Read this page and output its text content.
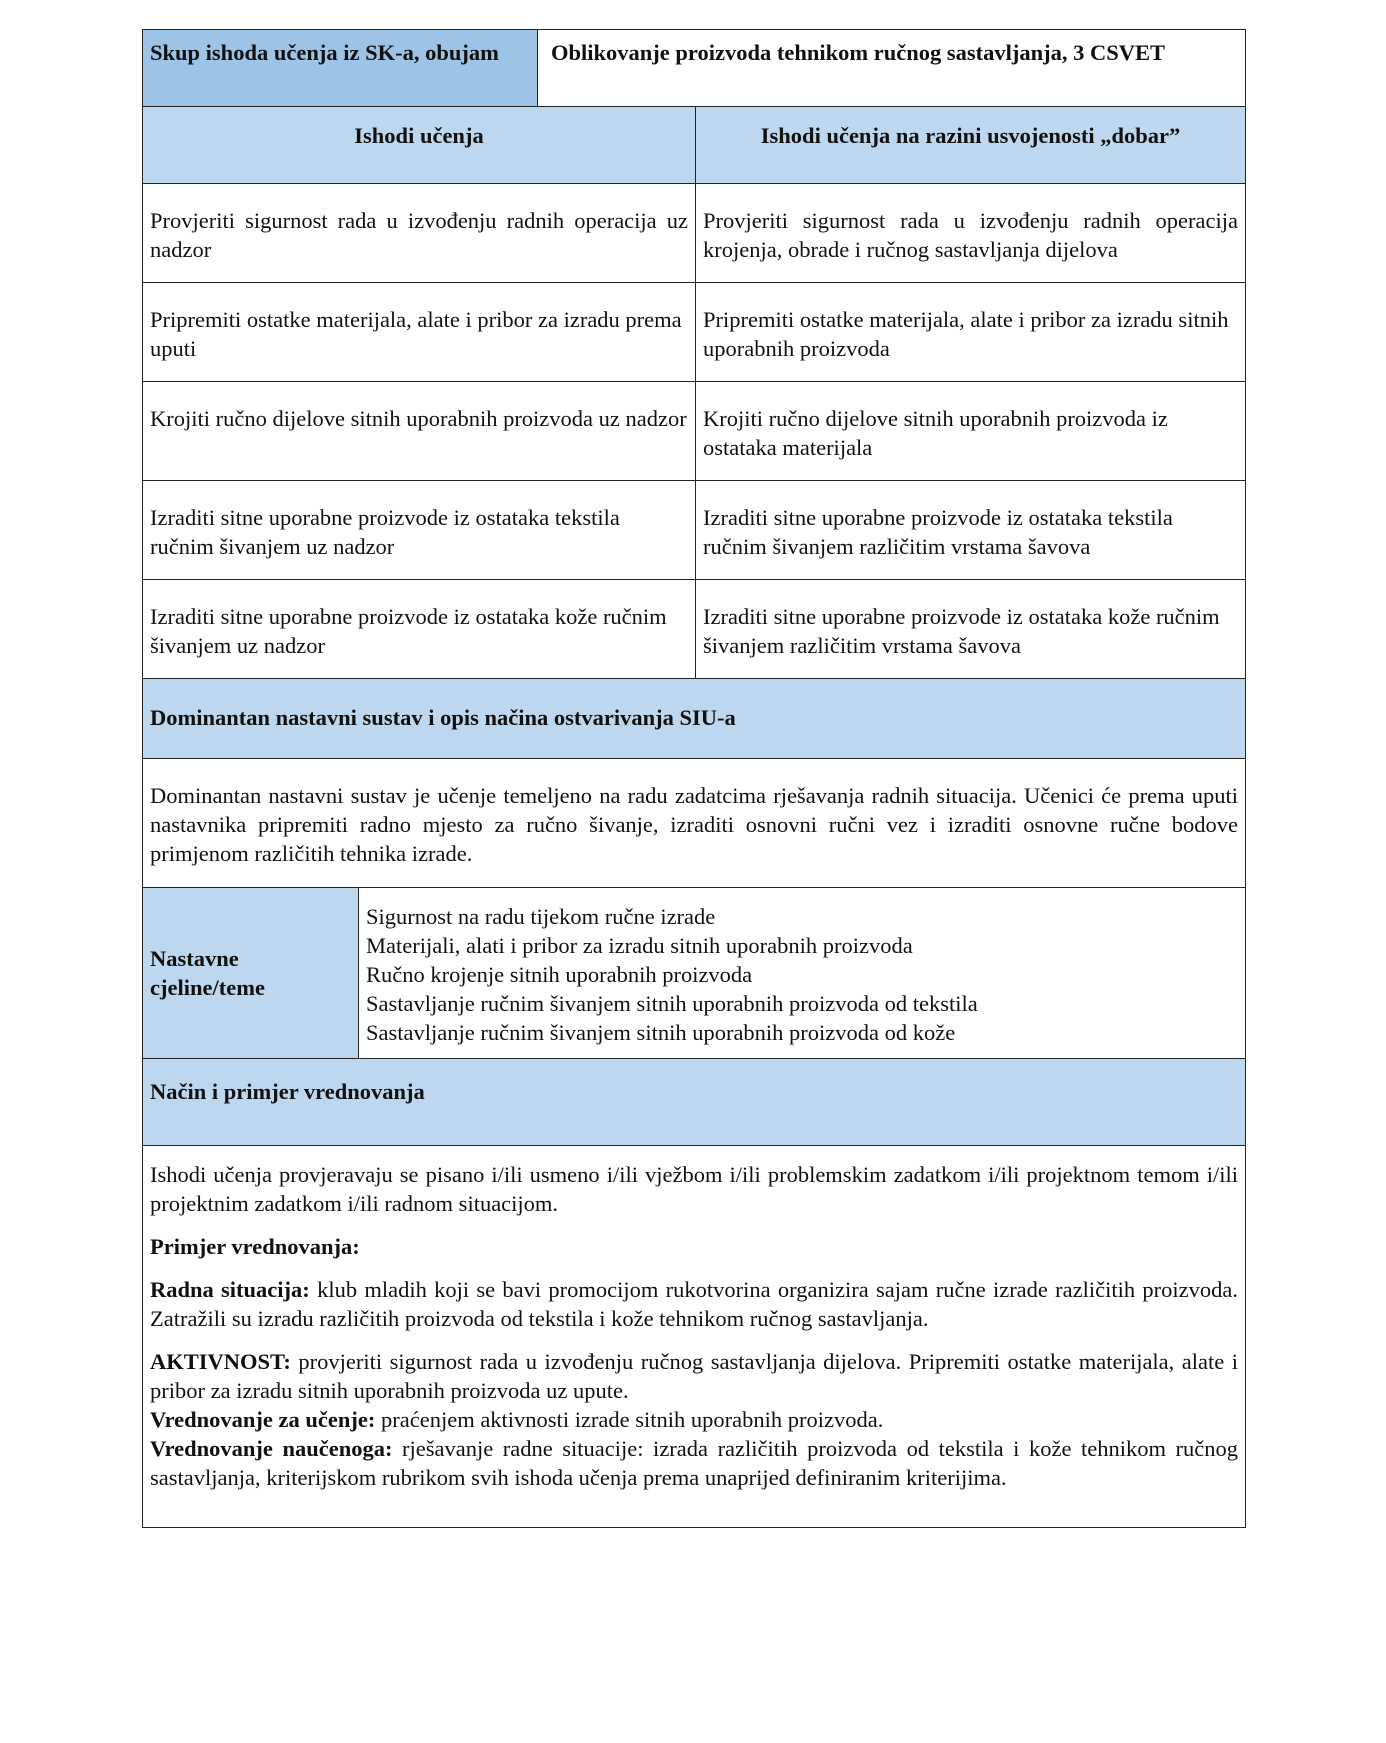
Skup ishoda učenja iz SK-a, obujam	Oblikovanje proizvoda tehnikom ručnog sastavljanja, 3 CSVET
Ishodi učenja	Ishodi učenja na razini usvojenosti „dobar”
Provjeriti sigurnost rada u izvođenju radnih operacija uz nadzor
Provjeriti sigurnost rada u izvođenju radnih operacija krojenja, obrade i ručnog sastavljanja dijelova
Pripremiti ostatke materijala, alate i pribor za izradu prema uputi
Pripremiti ostatke materijala, alate i pribor za izradu sitnih uporabnih proizvoda
Krojiti ručno dijelove sitnih uporabnih proizvoda uz nadzor Krojiti ručno dijelove sitnih uporabnih proizvoda iz ostataka materijala
Izraditi sitne uporabne proizvode iz ostataka tekstila ručnim šivanjem uz nadzor
Izraditi sitne uporabne proizvode iz ostataka tekstila ručnim šivanjem različitim vrstama šavova
Izraditi sitne uporabne proizvode iz ostataka kože ručnim šivanjem uz nadzor
Izraditi sitne uporabne proizvode iz ostataka kože ručnim šivanjem različitim vrstama šavova
Dominantan nastavni sustav i opis načina ostvarivanja SIU-a
Dominantan nastavni sustav je učenje temeljeno na radu zadatcima rješavanja radnih situacija. Učenici će prema uputi nastavnika pripremiti radno mjesto za ručno šivanje, izraditi osnovni ručni vez i izraditi osnovne ručne bodove primjenom različitih tehnika izrade.
Nastavne cjeline/teme
Sigurnost na radu tijekom ručne izrade
Materijali, alati i pribor za izradu sitnih uporabnih proizvoda
Ručno krojenje sitnih uporabnih proizvoda
Sastavljanje ručnim šivanjem sitnih uporabnih proizvoda od tekstila
Sastavljanje ručnim šivanjem sitnih uporabnih proizvoda od kože
Način i primjer vrednovanja

Ishodi učenja provjeravaju se pisano i/ili usmeno i/ili vježbom i/ili problemskim zadatkom i/ili projektnom temom i/ili projektnim zadatkom i/ili radnom situacijom.

Primjer vrednovanja:

Radna situacija: klub mladih koji se bavi promocijom rukotvorina organizira sajam ručne izrade različitih proizvoda. Zatražili su izradu različitih proizvoda od tekstila i kože tehnikom ručnog sastavljanja.

AKTIVNOST: provjeriti sigurnost rada u izvođenju ručnog sastavljanja dijelova. Pripremiti ostatke materijala, alate i pribor za izradu sitnih uporabnih proizvoda uz upute.

Vrednovanje za učenje: praćenjem aktivnosti izrade sitnih uporabnih proizvoda.

Vrednovanje naučenoga: rješavanje radne situacije: izrada različitih proizvoda od tekstila i kože tehnikom ručnog sastavljanja, kriterijskom rubrikom svih ishoda učenja prema unaprijed definiranim kriterijima.
